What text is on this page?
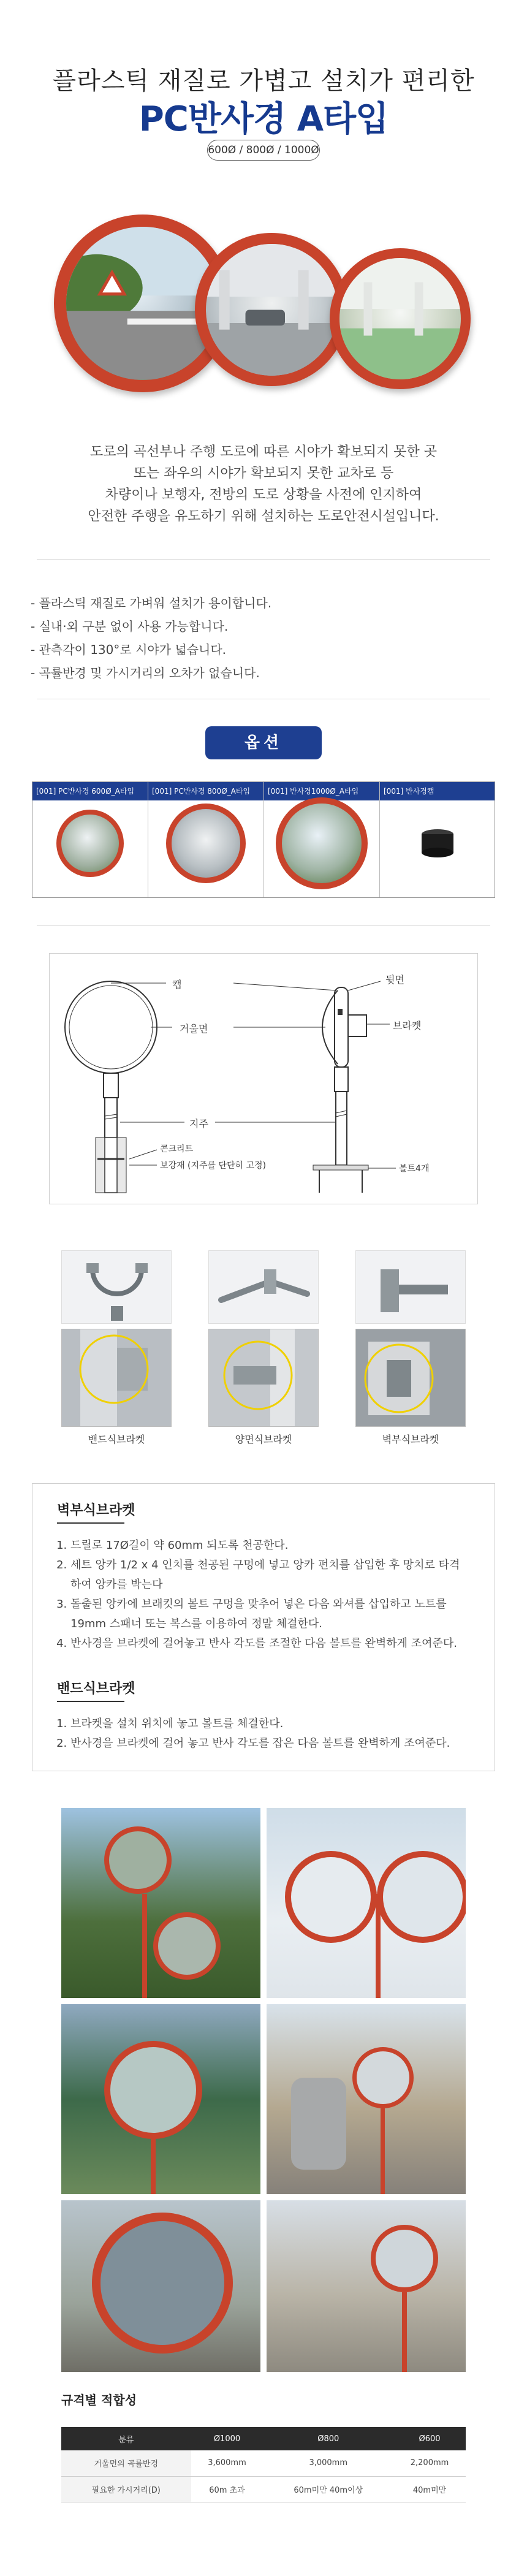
플라스틱 재질로 가볍고 설치가 편리한
PC반사경 A타입
600Ø / 800Ø / 1000Ø
도로의 곡선부나 주행 도로에 따른 시야가 확보되지 못한 곳
또는 좌우의 시야가 확보되지 못한 교차로 등
차량이나 보행자, 전방의 도로 상황을 사전에 인지하여
안전한 주행을 유도하기 위해 설치하는 도로안전시설입니다.
- 플라스틱 재질로 가벼워 설치가 용이합니다.
- 실내·외 구분 없이 사용 가능합니다.
- 관측각이 130°로 시야가 넓습니다.
- 곡률반경 및 가시거리의 오차가 없습니다.
옵션
[001] PC반사경 600Ø_A타입	[001] PC반사경 800Ø_A타입	[001] 반사경1000Ø_A타입	[001] 반사경캡
캡	뒷면
거울면	브라켓
지주
콘크리트
보강재 (지주를 단단히 고정)	볼트4개
밴드식브라켓	양면식브라켓	벽부식브라켓
벽부식브라켓
1. 드릴로 17Ø길이 약 60mm 되도록 천공한다.
2. 세트 앙카 1/2 x 4 인치를 천공된 구멍에 넣고 앙카 펀치를 삽입한 후 망치로 타격하여 앙카를 박는다
3. 돌출된 앙카에 브래킷의 볼트 구멍을 맞추어 넣은 다음 와셔를 삽입하고 노트를 19mm 스패너 또는 복스를 이용하여 정말 체결한다.
4. 반사경을 브라켓에 걸어놓고 반사 각도를 조절한 다음 볼트를 완벽하게 조여준다.
밴드식브라켓
1. 브라켓을 설치 위치에 놓고 볼트를 체결한다.
2. 반사경을 브라켓에 걸어 놓고 반사 각도를 잡은 다음 볼트를 완벽하게 조여준다.
규격별 적합성
분류	Ø1000	Ø800	Ø600
거울면의 곡률반경	3,600mm	3,000mm	2,200mm
필요한 가시거리(D)	60m 초과	60m미만 40m이상	40m미만
